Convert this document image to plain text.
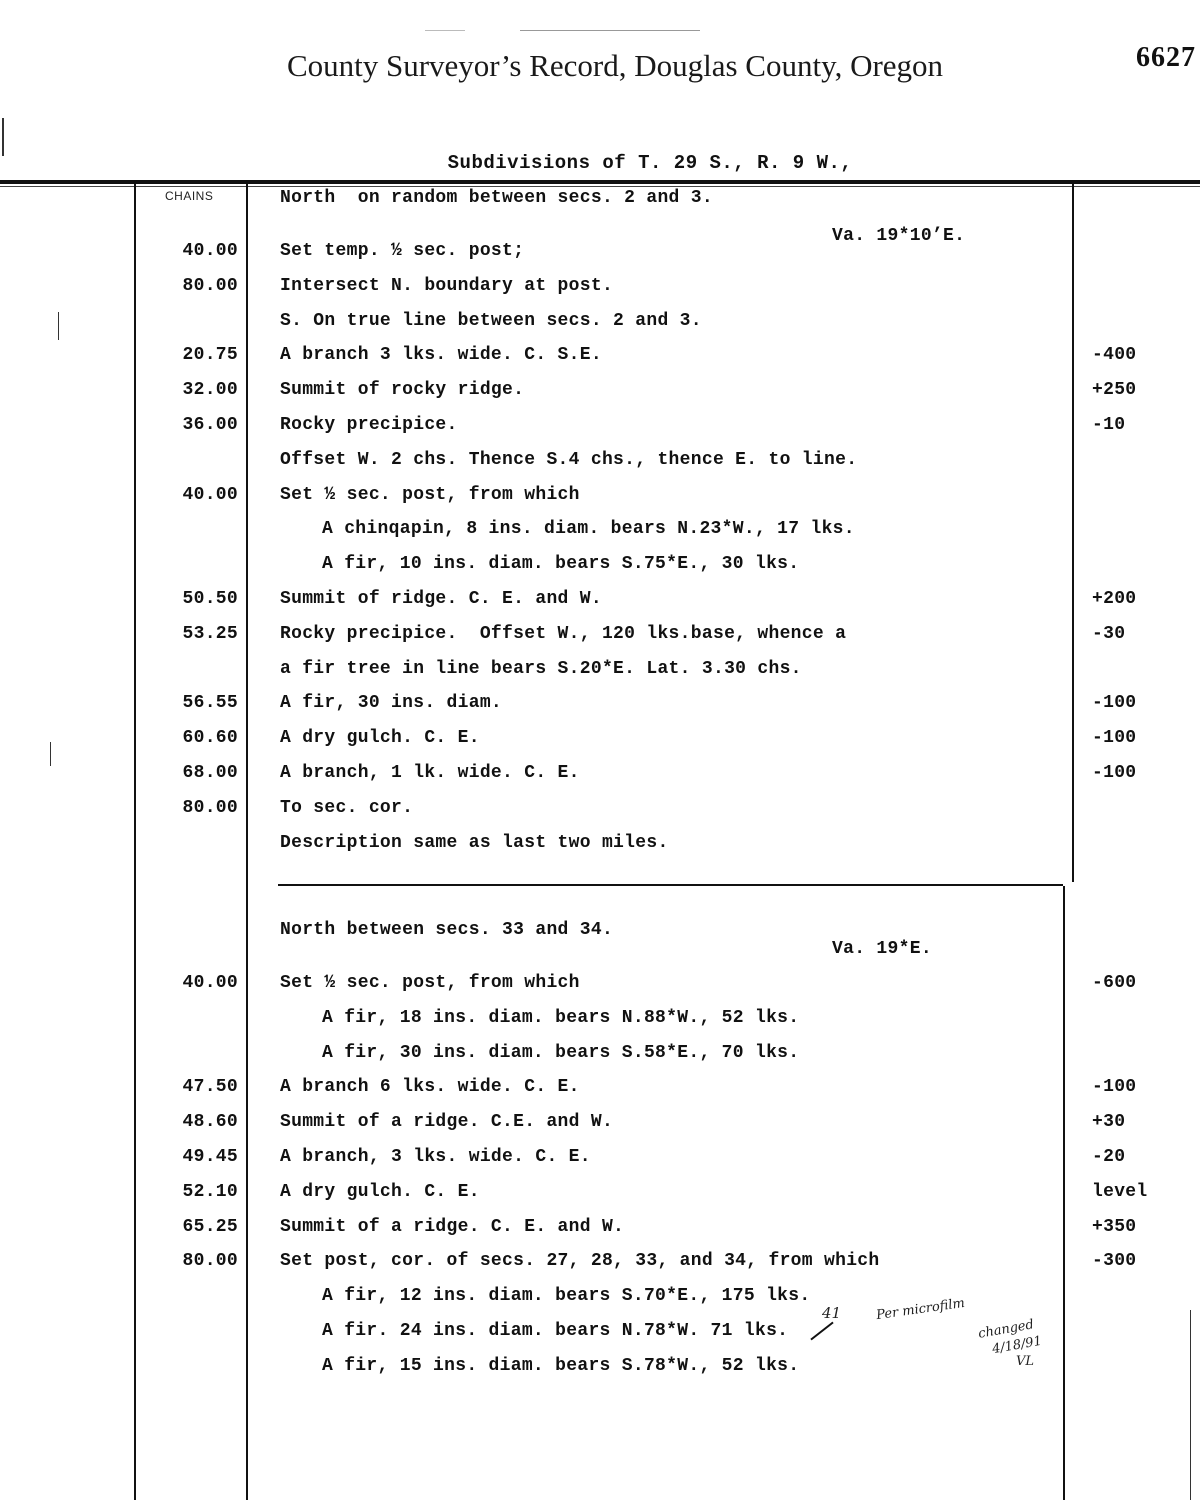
County Surveyor’s Record, Douglas County, Oregon	6627
Subdivisions of T. 29 S., R. 9 W.,
CHAINS	North  on random between secs. 2 and 3.
Va. 19*10’E.
40.00 Set temp. ½ sec. post;
80.00 Intersect N. boundary at post.
S. On true line between secs. 2 and 3.
20.75 A branch 3 lks. wide. C. S.E.	-400
32.00 Summit of rocky ridge.	+250
36.00 Rocky precipice.	-10
Offset W. 2 chs. Thence S.4 chs., thence E. to line.
40.00 Set ½ sec. post, from which
A chinqapin, 8 ins. diam. bears N.23*W., 17 lks.
A fir, 10 ins. diam. bears S.75*E., 30 lks.
50.50 Summit of ridge. C. E. and W.	+200
53.25 Rocky precipice.  Offset W., 120 lks.base, whence a	-30
a fir tree in line bears S.20*E. Lat. 3.30 chs.
56.55 A fir, 30 ins. diam.	-100
60.60 A dry gulch. C. E.	-100
68.00 A branch, 1 lk. wide. C. E.	-100
80.00 To sec. cor.
Description same as last two miles.
North between secs. 33 and 34.
Va. 19*E.
40.00 Set ½ sec. post, from which	-600
A fir, 18 ins. diam. bears N.88*W., 52 lks.
A fir, 30 ins. diam. bears S.58*E., 70 lks.
47.50 A branch 6 lks. wide. C. E.	-100
48.60 Summit of a ridge. C.E. and W.	+30
49.45 A branch, 3 lks. wide. C. E.	-20
52.10 A dry gulch. C. E.	level
65.25 Summit of a ridge. C. E. and W.	+350
80.00 Set post, cor. of secs. 27, 28, 33, and 34, from which	-300
A fir, 12 ins. diam. bears S.70*E., 175 lks.
A fir. 24 ins. diam. bears N.78*W. 71 lks.
A fir, 15 ins. diam. bears S.78*W., 52 lks.
41	Per microfilm
changed
4/18/91
VL
